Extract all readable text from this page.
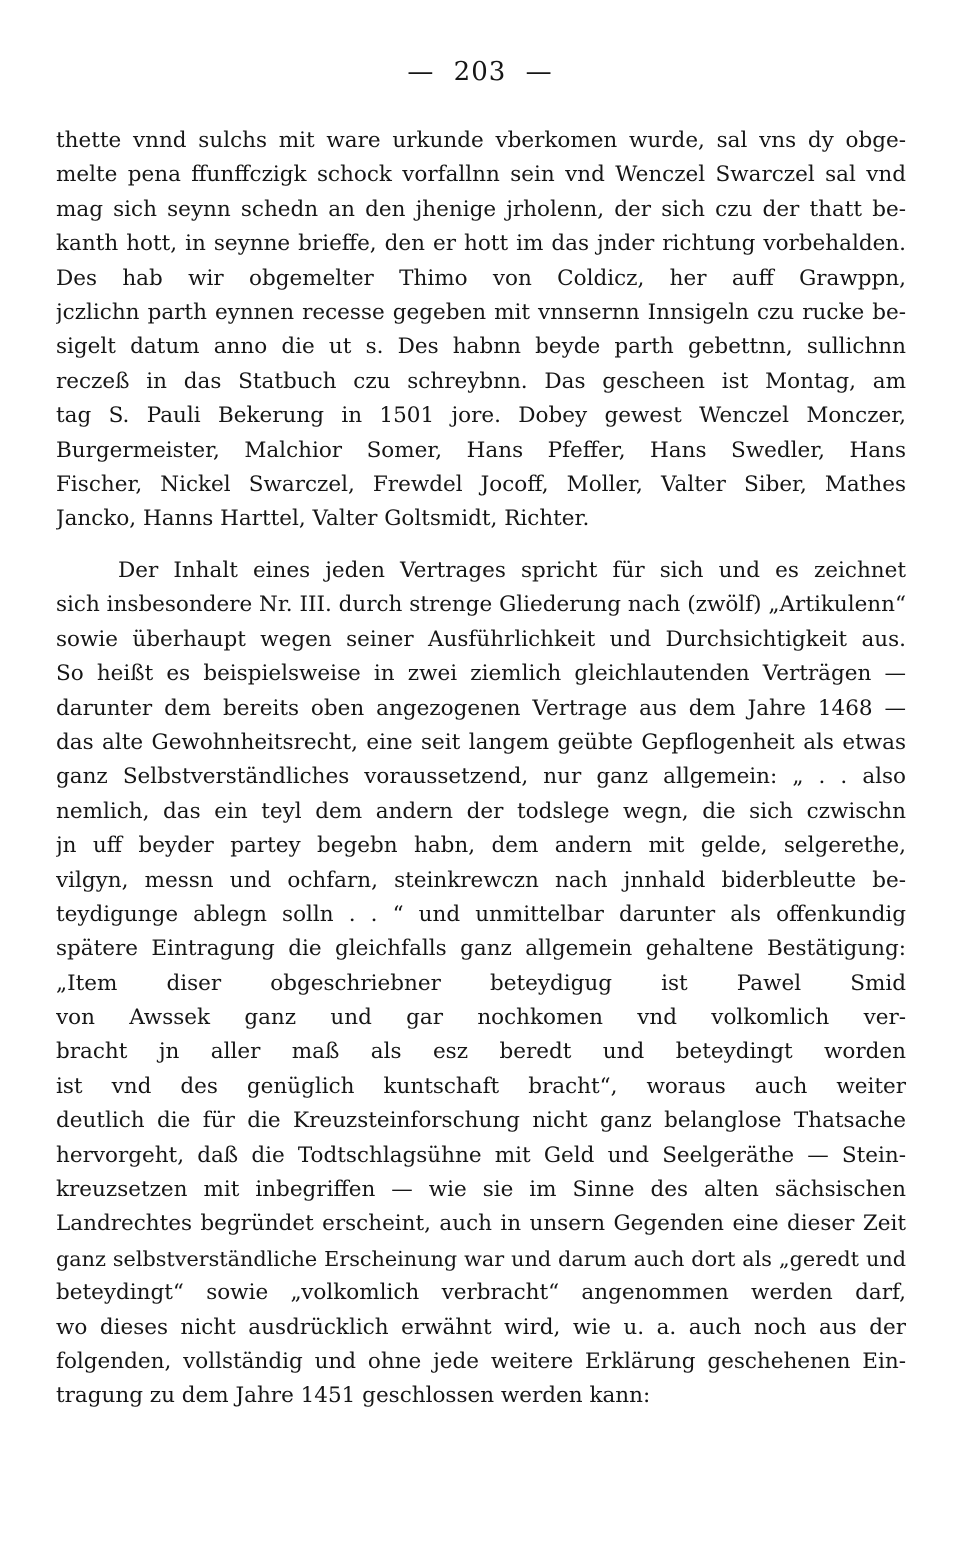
— 203 —
thette vnnd sulchs mit ware urkunde vberkomen wurde, sal vns dy obge-
melte pena ffunffczigk schock vorfallnn sein vnd Wenczel Swarczel sal vnd
mag sich seynn schedn an den jhenige jrholenn, der sich czu der thatt be-
kanth hott, in seynne brieffe, den er hott im das jnder richtung vorbehalden.
Des hab wir obgemelter Thimo von Coldicz, her auff Grawppn,
jczlichn parth eynnen recesse gegeben mit vnnsernn Innsigeln czu rucke be-
sigelt datum anno die ut s. Des habnn beyde parth gebettnn, sullichnn
reczeß in das Statbuch czu schreybnn. Das gescheen ist Montag, am
tag S. Pauli Bekerung in 1501 jore. Dobey gewest Wenczel Monczer,
Burgermeister, Malchior Somer, Hans Pfeffer, Hans Swedler, Hans
Fischer, Nickel Swarczel, Frewdel Jocoff, Moller, Valter Siber, Mathes
Jancko, Hanns Harttel, Valter Goltsmidt, Richter.
Der Inhalt eines jeden Vertrages spricht für sich und es zeichnet
sich insbesondere Nr. III. durch strenge Gliederung nach (zwölf) „Artikulenn“
sowie überhaupt wegen seiner Ausführlichkeit und Durchsichtigkeit aus.
So heißt es beispielsweise in zwei ziemlich gleichlautenden Verträgen —
darunter dem bereits oben angezogenen Vertrage aus dem Jahre 1468 —
das alte Gewohnheitsrecht, eine seit langem geübte Gepflogenheit als etwas
ganz Selbstverständliches voraussetzend, nur ganz allgemein: „ . . also
nemlich, das ein teyl dem andern der todslege wegn, die sich czwischn
jn uff beyder partey begebn habn, dem andern mit gelde, selgerethe,
vilgyn, messn und ochfarn, steinkrewczn nach jnnhald biderbleutte be-
teydigunge ablegn solln . . “ und unmittelbar darunter als offenkundig
spätere Eintragung die gleichfalls ganz allgemein gehaltene Bestätigung:
„Item diser obgeschriebner beteydigug ist Pawel Smid
von Awssek ganz und gar nochkomen vnd volkomlich ver-
bracht jn aller maß als esz beredt und beteydingt worden
ist vnd des genüglich kuntschaft bracht“, woraus auch weiter
deutlich die für die Kreuzsteinforschung nicht ganz belanglose Thatsache
hervorgeht, daß die Todtschlagsühne mit Geld und Seelgeräthe — Stein-
kreuzsetzen mit inbegriffen — wie sie im Sinne des alten sächsischen
Landrechtes begründet erscheint, auch in unsern Gegenden eine dieser Zeit
ganz selbstverständliche Erscheinung war und darum auch dort als „geredt und
beteydingt“ sowie „volkomlich verbracht“ angenommen werden darf,
wo dieses nicht ausdrücklich erwähnt wird, wie u. a. auch noch aus der
folgenden, vollständig und ohne jede weitere Erklärung geschehenen Ein-
tragung zu dem Jahre 1451 geschlossen werden kann:
